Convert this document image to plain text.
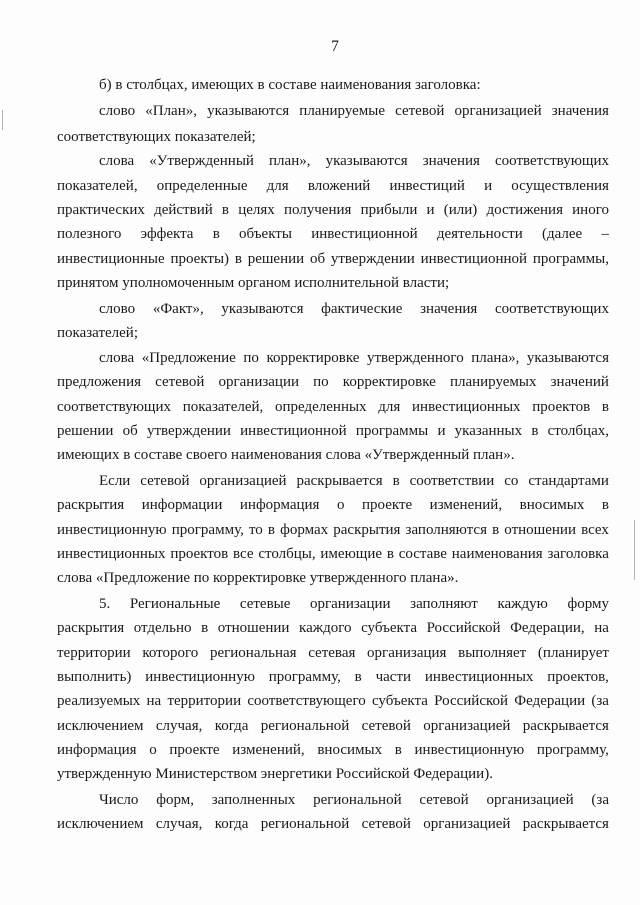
7
б) в столбцах, имеющих в составе наименования заголовка:
слово «План», указываются планируемые сетевой организацией значения
соответствующих показателей;
слова «Утвержденный план», указываются значения соответствующих
показателей, определенные для вложений инвестиций и осуществления
практических действий в целях получения прибыли и (или) достижения иного
полезного эффекта в объекты инвестиционной деятельности (далее –
инвестиционные проекты) в решении об утверждении инвестиционной программы,
принятом уполномоченным органом исполнительной власти;
слово «Факт», указываются фактические значения соответствующих
показателей;
слова «Предложение по корректировке утвержденного плана», указываются
предложения сетевой организации по корректировке планируемых значений
соответствующих показателей, определенных для инвестиционных проектов в
решении об утверждении инвестиционной программы и указанных в столбцах,
имеющих в составе своего наименования слова «Утвержденный план».
Если сетевой организацией раскрывается в соответствии со стандартами
раскрытия информации информация о проекте изменений, вносимых в
инвестиционную программу, то в формах раскрытия заполняются в отношении всех
инвестиционных проектов все столбцы, имеющие в составе наименования заголовка
слова «Предложение по корректировке утвержденного плана».
5. Региональные сетевые организации заполняют каждую форму
раскрытия отдельно в отношении каждого субъекта Российской Федерации, на
территории которого региональная сетевая организация выполняет (планирует
выполнить) инвестиционную программу, в части инвестиционных проектов,
реализуемых на территории соответствующего субъекта Российской Федерации (за
исключением случая, когда региональной сетевой организацией раскрывается
информация о проекте изменений, вносимых в инвестиционную программу,
утвержденную Министерством энергетики Российской Федерации).
Число форм, заполненных региональной сетевой организацией (за
исключением случая, когда региональной сетевой организацией раскрывается
